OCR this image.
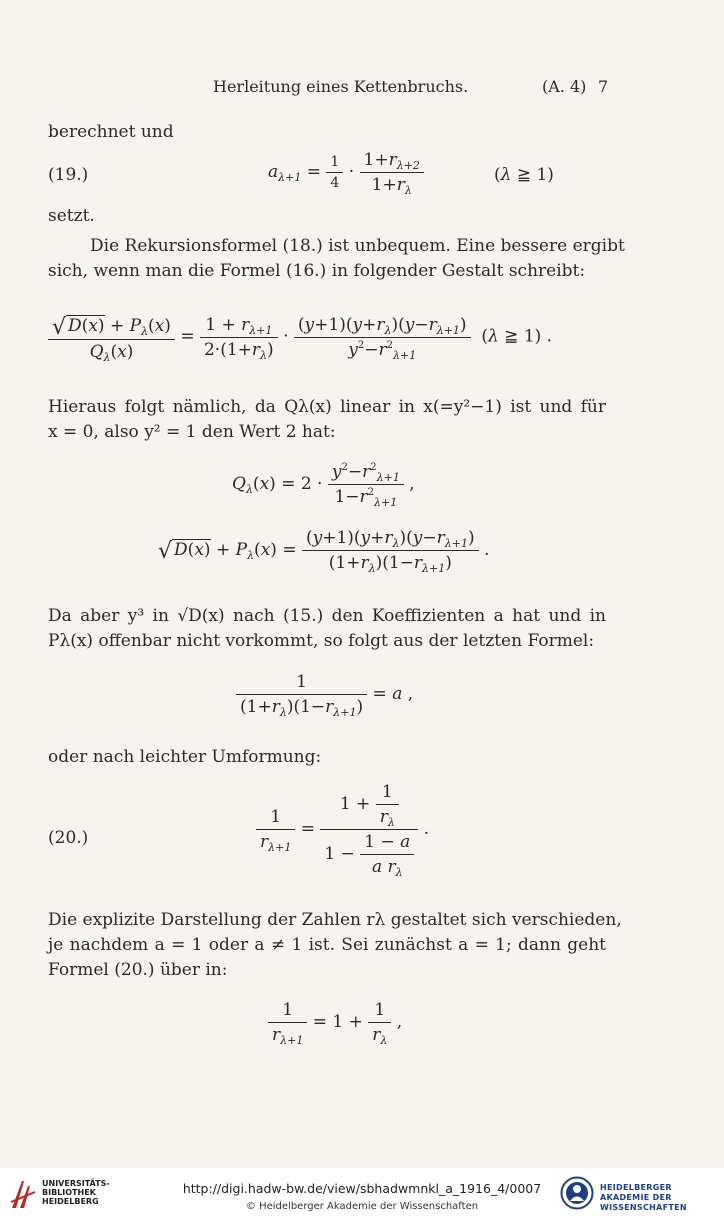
Herleitung eines Kettenbruchs.	(A. 4) 7
berechnet und
(19.)	$a_{\lambda+1} = \frac{1}{4} \cdot \frac{1+r_{\lambda+2}}{1+r_\lambda}$	(λ ≧ 1)
setzt.
Die Rekursionsformel (18.) ist unbequem. Eine bessere ergibt
sich, wenn man die Formel (16.) in folgender Gestalt schreibt:
$\frac{√ D(x) + P_\lambda(x)}{Q_\lambda(x)} = \frac{1 + r_{\lambda+1}}{2\cdot(1+r_\lambda)} \cdot \frac{(y+1)(y+r_\lambda)(y-r_{\lambda+1})}{y^2-r^2_{\lambda+1}} (\lambda$ ≧ 1) .
Hieraus folgt nämlich, da Qλ(x) linear in x(=y²−1) ist und für
x = 0, also y² = 1 den Wert 2 hat:
$Q_\lambda(x) = 2 \cdot \frac{y^2-r^2_{\lambda+1}}{1-r^2_{\lambda+1}}$ ,
√ $D(x) + P_\lambda(x) = \frac{(y+1)(y+r_\lambda)(y-r_{\lambda+1})}{(1+r_\lambda)(1-r_{\lambda+1})}$ .
Da aber y³ in √D(x) nach (15.) den Koeffizienten a hat und in
Pλ(x) offenbar nicht vorkommt, so folgt aus der letzten Formel:
$\frac{1}{(1+r_\lambda)(1-r_{\lambda+1})} = a$ ,
oder nach leichter Umformung:
(20.)	$\frac{1}{r_{\lambda+1}} = \frac{1 + \frac{1}{r_\lambda}}{1 - \frac{1 - a}{a r_\lambda}}$ .
Die explizite Darstellung der Zahlen rλ gestaltet sich verschieden,
je nachdem a = 1 oder a ≠ 1 ist. Sei zunächst a = 1; dann geht
Formel (20.) über in:
$\frac{1}{r_{\lambda+1}} = 1 + \frac{1}{r_\lambda}$ ,
UNIVERSITÄTS- BIBLIOTHEK HEIDELBERG
http://digi.hadw-bw.de/view/sbhadwmnkl_a_1916_4/0007
© Heidelberger Akademie der Wissenschaften
HEIDELBERGER AKADEMIE DER WISSENSCHAFTEN
